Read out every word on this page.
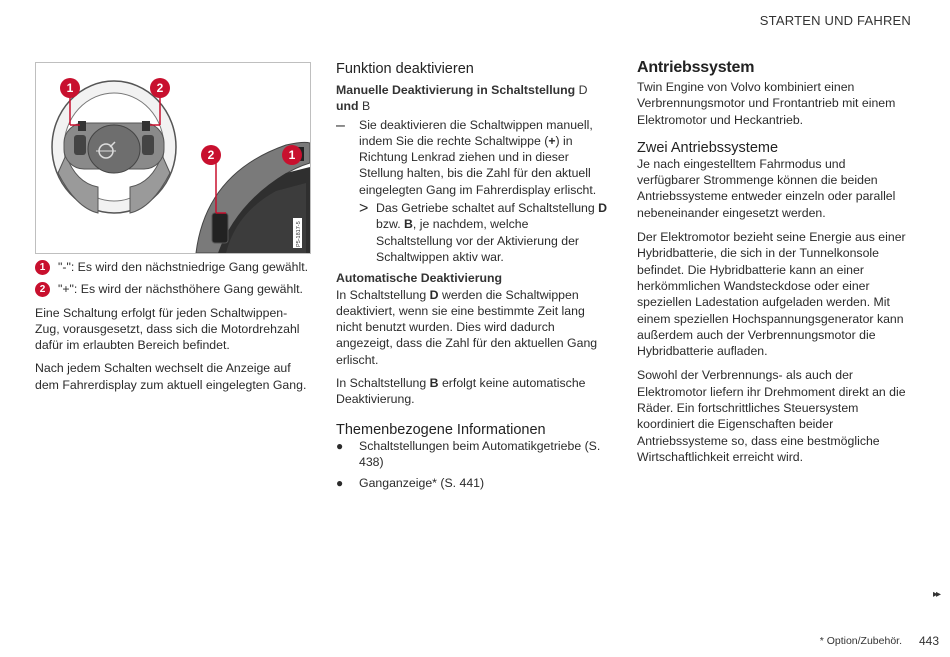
STARTEN UND FAHREN
1	2
2	1
P5-1817-5
1	"-": Es wird den nächstniedrige Gang gewählt.

2	"+": Es wird der nächsthöhere Gang gewählt.

Eine Schaltung erfolgt für jeden Schaltwippen-Zug, vorausgesetzt, dass sich die Motordrehzahl dafür im erlaubten Bereich befindet.

Nach jedem Schalten wechselt die Anzeige auf dem Fahrerdisplay zum aktuell eingelegten Gang.

Funktion deaktivieren
Manuelle Deaktivierung in Schaltstellung D
und B
–	Sie deaktivieren die Schaltwippen manuell, indem Sie die rechte Schaltwippe (+) in Richtung Lenkrad ziehen und in dieser Stellung halten, bis die Zahl für den aktuell eingelegten Gang im Fahrerdisplay erlischt.

> Das Getriebe schaltet auf Schaltstellung D bzw. B, je nachdem, welche Schaltstellung vor der Aktivierung der Schaltwippen aktiv war.

Automatische Deaktivierung

In Schaltstellung D werden die Schaltwippen deaktiviert, wenn sie eine bestimmte Zeit lang nicht benutzt wurden. Dies wird dadurch angezeigt, dass die Zahl für den aktuellen Gang erlischt.

In Schaltstellung B erfolgt keine automatische Deaktivierung.

Themenbezogene Informationen
●	Schaltstellungen beim Automatikgetriebe (S. 438)

●	Ganganzeige* (S. 441)

Antriebssystem

Twin Engine von Volvo kombiniert einen Verbrennungsmotor und Frontantrieb mit einem Elektromotor und Heckantrieb.

Zwei Antriebssysteme

Je nach eingestelltem Fahrmodus und verfügbarer Strommenge können die beiden Antriebssysteme entweder einzeln oder parallel nebeneinander eingesetzt werden.

Der Elektromotor bezieht seine Energie aus einer Hybridbatterie, die sich in der Tunnelkonsole befindet. Die Hybridbatterie kann an einer herkömmlichen Wandsteckdose oder einer speziellen Ladestation aufgeladen werden. Mit einem speziellen Hochspannungsgenerator kann außerdem auch der Verbrennungsmotor die Hybridbatterie aufladen.

Sowohl der Verbrennungs- als auch der Elektromotor liefern ihr Drehmoment direkt an die Räder. Ein fortschrittliches Steuersystem koordiniert die Eigenschaften beider Antriebssysteme so, dass eine bestmögliche Wirtschaftlichkeit erreicht wird.

▸▸
* Option/Zubehör. 443
